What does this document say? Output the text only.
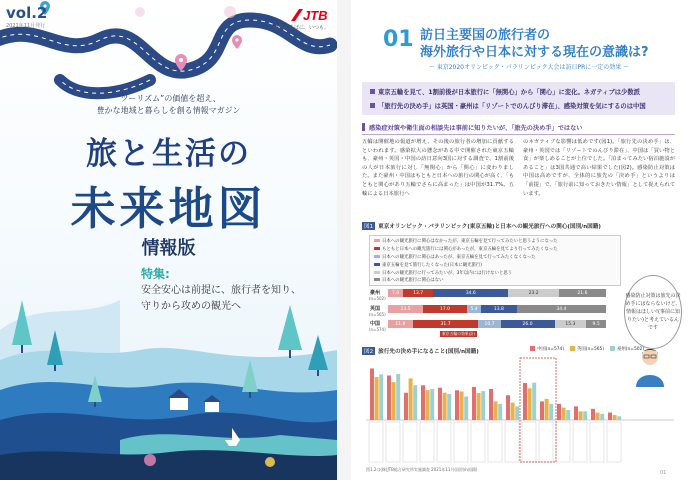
vol.2
2021年11月発行
JTB
感動のそばに、いつも。
“ツーリズム”の価値を超え、
豊かな地域と暮らしを創る情報マガジン
旅と生活の
未来地図
情報版
特集:
安全安心は前提に、旅行者を知り、
守りから攻めの観光へ
01 訪日主要国の旅行者の
海外旅行や日本に対する現在の意識は?
～ 東京2020オリンピック・パラリンピック大会は訪日PRに一定の効果 ～
東京五輪を見て、1割前後が日本旅行に「無関心」から「関心」に変化。ネガティブは少数派
「旅行先の決め手」は英国・豪州は「リゾートでのんびり滞在」、感染対策を気にするのは中国
感染症対策や衛生面の相談先は事前に知りたいが、「旅先の決め手」ではない
五輪は開催地の報道が増え、その後の旅行者の増加に貢献するといわれます。感染拡大の懸念がある中で開催された東京五輪も、豪州・英国・中国の訪日意向3国に対する調査で、1割前後の人が日本旅行に対し「無関心」から「関心」に変わりました。また豪州・中国はもともと日本への旅行の関心が高く、「もともと関心があり五輪でさらに高まった」は中国が31.7%。五輪による日本旅行へ
のネガティブな影響は低めです(図1)。「旅行先の決め手」は、豪州・英国では「リゾートでのんびり滞在」、中国は「買い物と食」が楽しめることが上位でした。「泊まってみたい宿泊施設があること」は3国共通で高い結果でした(図2)。感染防止対策は中国は高めですが、全体的に旅先の「決め手」というよりは「前提」で、「旅行前に知っておきたい情報」として捉えられています。
図1 東京オリンピック・パラリンピック(東京五輪)と日本への観光旅行への関心(国別/n国籍)
日本への観光旅行に関心はなかったが、東京五輪を見て行ってみたいと思うようになった
もともと日本への観光旅行には関心があったが、東京五輪を見てより行ってみたくなった
日本への観光旅行に関心はあったが、東京五輪を見て行ってみたくなくなった
東京五輪を見て旅行したくなった(日本に観光旅行)
日本への観光旅行に行ってみたいが、3年以内には行けないと思う
日本への観光旅行に関心はない
豪州
(n=502)
7.0	13.7	34.6	23.2	21.6
英国
(n=565)
13.5	17.0	5.4	13.8	34.4
中国
(n=574)
11.9	31.7	10.7	26.0	15.3	9.5
東京五輪の効果(計)
図2 旅行先の決め手になること(国別/n国籍)	中国(n=574)	英国(n=565)	豪州(n=502)
感染防止対策は旅先の決め手にはならないけど、情報はほしい!(事前に知りたい)と考えているんです
図1,2は(株)JTB総合研究所実施調査 2021年11月(国別/n国籍)
01
